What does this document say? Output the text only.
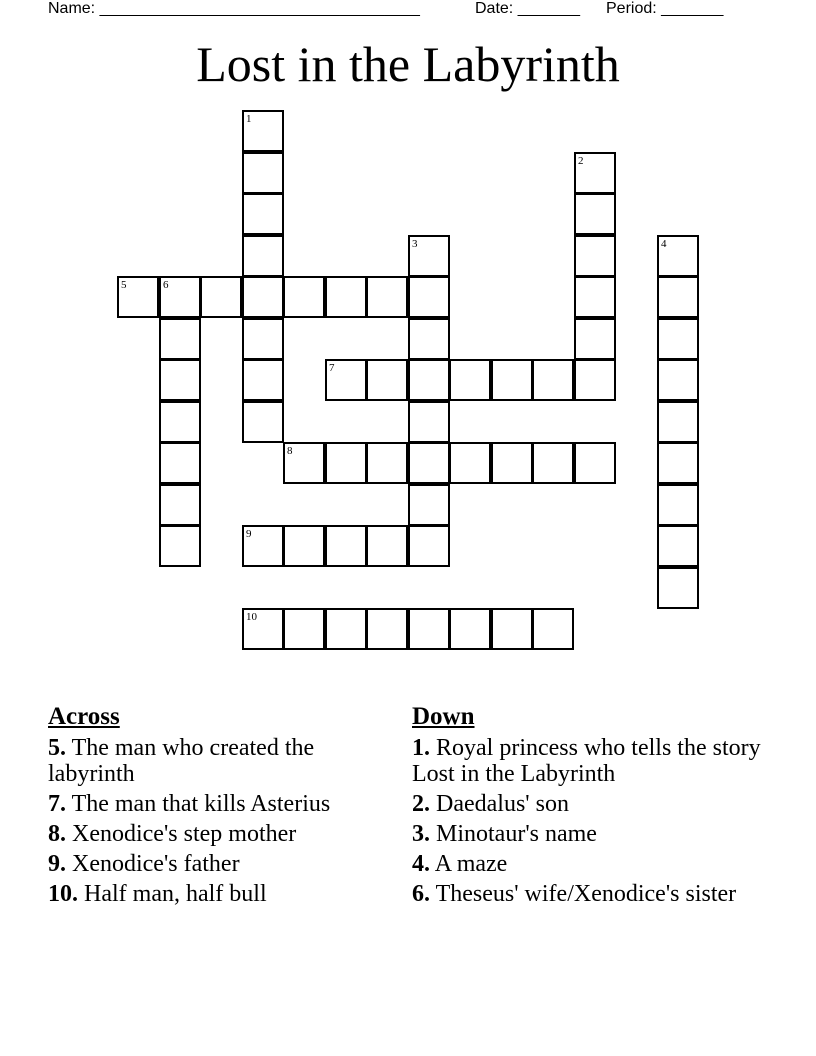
Name: ____________________________________	Date: _______ Period: _______
Lost in the Labyrinth
1
2
3	4
5	6
7
8
9
10
Across
5. The man who created the labyrinth
7. The man that kills Asterius
8. Xenodice's step mother
9. Xenodice's father
10. Half man, half bull
Down
1. Royal princess who tells the story Lost in the Labyrinth
2. Daedalus' son
3. Minotaur's name
4. A maze
6. Theseus' wife/Xenodice's sister
